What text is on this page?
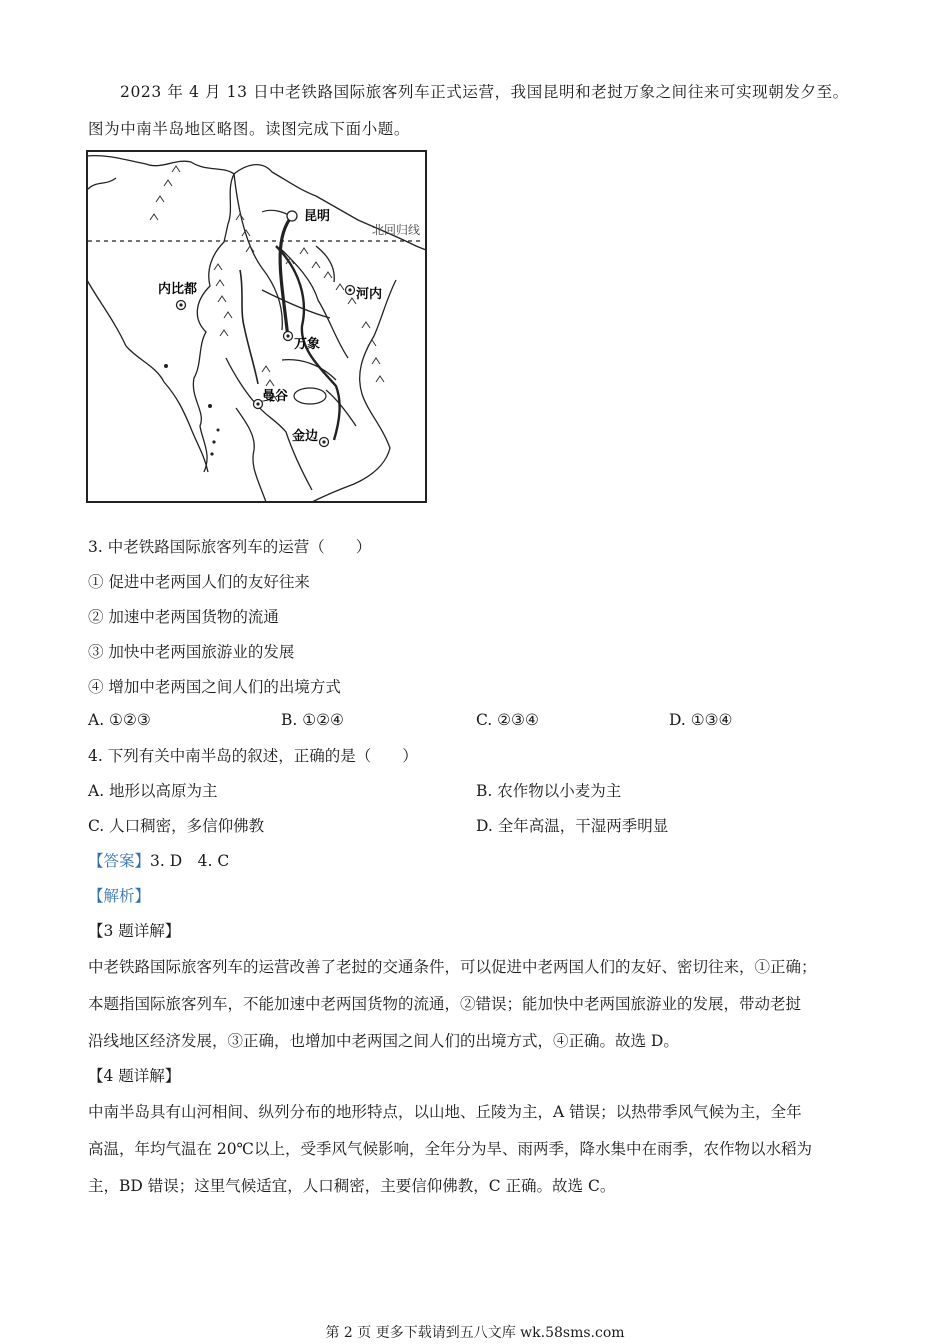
2023 年 4 月 13 日中老铁路国际旅客列车正式运营，我国昆明和老挝万象之间往来可实现朝发夕至。
图为中南半岛地区略图。读图完成下面小题。
北回归线
昆明
内比都	河内
万象
曼谷
金边
3. 中老铁路国际旅客列车的运营（　　）
① 促进中老两国人们的友好往来
② 加速中老两国货物的流通
③ 加快中老两国旅游业的发展
④ 增加中老两国之间人们的出境方式
A. ①②③	B. ①②④	C. ②③④	D. ①③④
4. 下列有关中南半岛的叙述，正确的是（　　）
A. 地形以高原为主	B. 农作物以小麦为主
C. 人口稠密，多信仰佛教	D. 全年高温，干湿两季明显
【答案】3. D　4. C
【解析】
【3 题详解】
中老铁路国际旅客列车的运营改善了老挝的交通条件，可以促进中老两国人们的友好、密切往来，①正确；
本题指国际旅客列车，不能加速中老两国货物的流通，②错误；能加快中老两国旅游业的发展，带动老挝
沿线地区经济发展，③正确，也增加中老两国之间人们的出境方式，④正确。故选 D。
【4 题详解】
中南半岛具有山河相间、纵列分布的地形特点，以山地、丘陵为主，A 错误；以热带季风气候为主，全年
高温，年均气温在 20℃以上，受季风气候影响，全年分为旱、雨两季，降水集中在雨季，农作物以水稻为
主，BD 错误；这里气候适宜，人口稠密，主要信仰佛教，C 正确。故选 C。
第 2 页 更多下载请到五八文库 wk.58sms.com
